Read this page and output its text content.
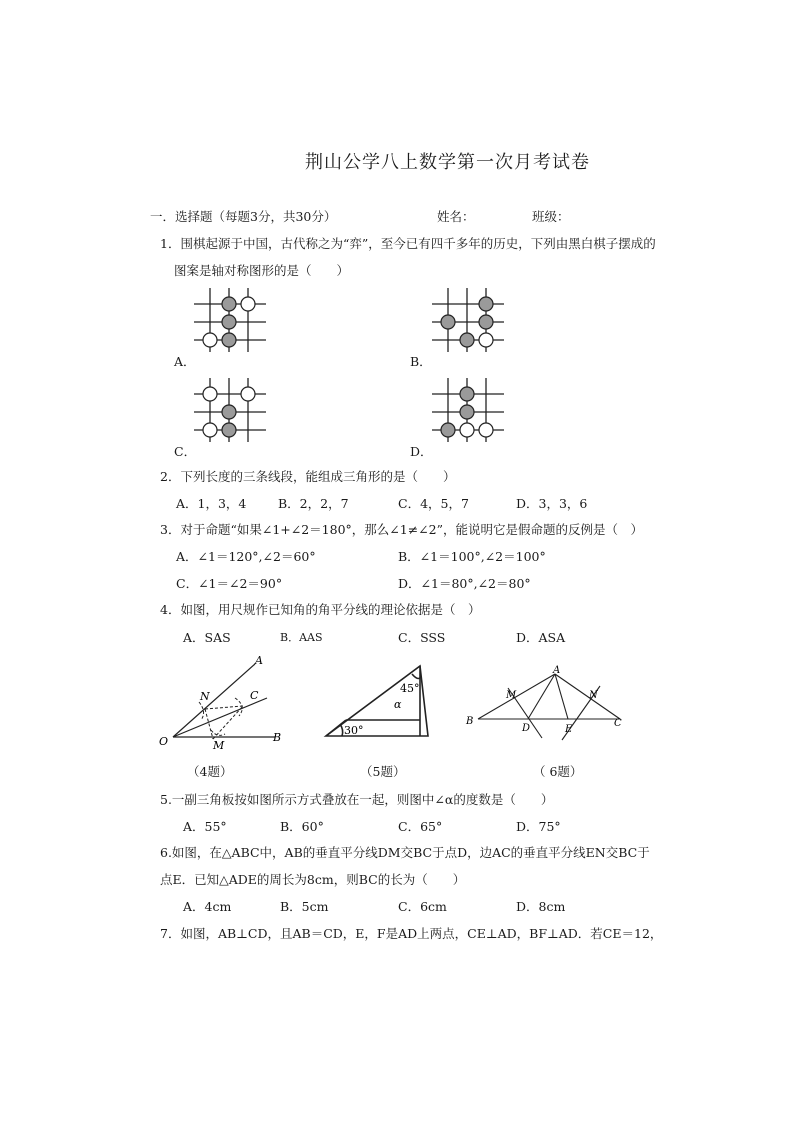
荆山公学八上数学第一次月考试卷
一．选择题（每题3分，共30分）	姓名：	班级：
1．围棋起源于中国，古代称之为“弈”，至今已有四千多年的历史，下列由黑白棋子摆成的
图案是轴对称图形的是（　　）
A．	B．
C．	D．
2．下列长度的三条线段，能组成三角形的是（　　）
A．1，3，4	B．2，2，7	C．4，5，7	D．3，3，6
3．对于命题“如果∠1+∠2＝180°，那么∠1≠∠2”，能说明它是假命题的反例是（　）
A．∠1＝120°,∠2＝60°	B．∠1＝100°,∠2＝100°
C．∠1＝∠2＝90°	D．∠1＝80°,∠2＝80°
4．如图，用尺规作已知角的角平分线的理论依据是（　）
A．SAS	B．AAS	C．SSS	D．ASA
A
N	C
O	M
B
45°
α
30°
A
M	N
B
D	E
C
（4题）	（5题）	（ 6题）
5.一副三角板按如图所示方式叠放在一起，则图中∠α的度数是（　　）
A．55°	B．60°	C．65°	D．75°
6.如图，在△ABC中，AB的垂直平分线DM交BC于点D，边AC的垂直平分线EN交BC于
点E．已知△ADE的周长为8cm，则BC的长为（　　）
A．4cm	B．5cm	C．6cm	D．8cm
7．如图，AB⊥CD，且AB＝CD，E，F是AD上两点，CE⊥AD，BF⊥AD．若CE＝12，
